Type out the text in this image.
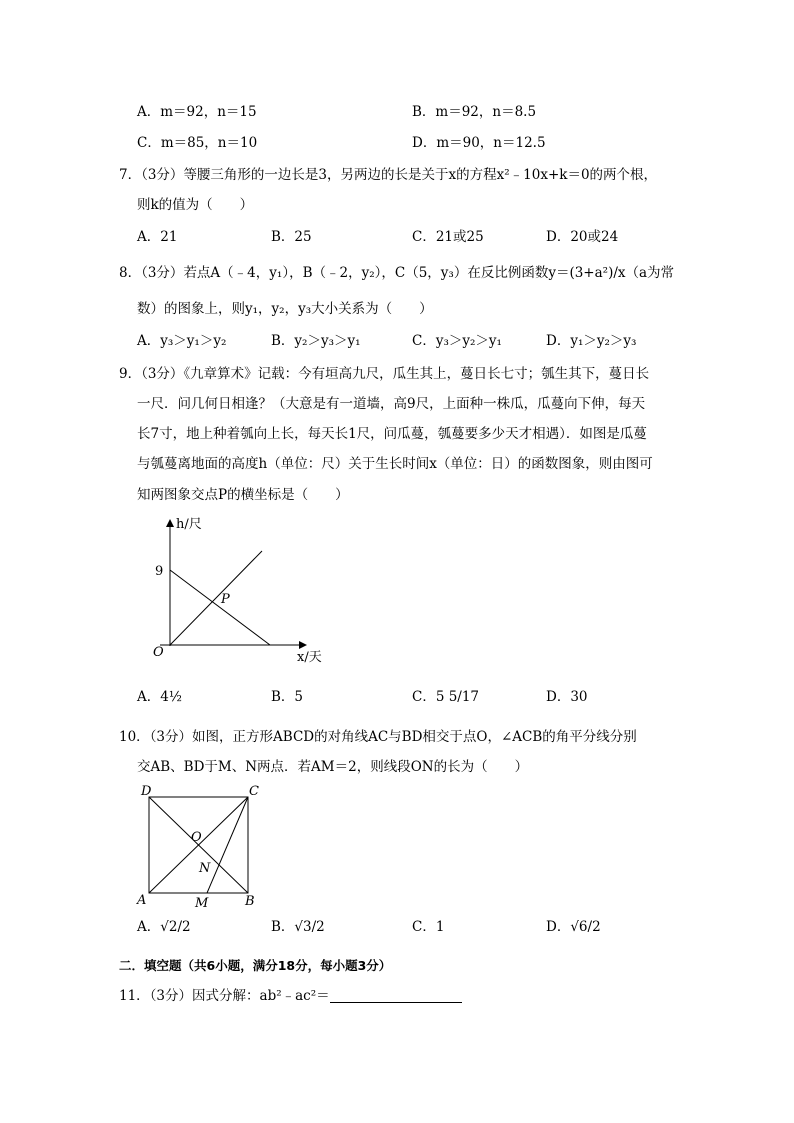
A．m＝92，n＝15	B．m＝92，n＝8.5
C．m＝85，n＝10	D．m＝90，n＝12.5
7．（3分）等腰三角形的一边长是3，另两边的长是关于x的方程x²﹣10x+k＝0的两个根，
则k的值为（　　）
A．21	B．25	C．21或25	D．20或24
8．（3分）若点A（﹣4，y₁），B（﹣2，y₂），C（5，y₃）在反比例函数y＝(3+a²)/x（a为常
数）的图象上，则y₁，y₂，y₃大小关系为（　　）
A．y₃＞y₁＞y₂	B．y₂＞y₃＞y₁	C．y₃＞y₂＞y₁	D．y₁＞y₂＞y₃
9．（3分）《九章算术》记载：今有垣高九尺，瓜生其上，蔓日长七寸；瓠生其下，蔓日长
一尺．问几何日相逢？（大意是有一道墙，高9尺，上面种一株瓜，瓜蔓向下伸，每天
长7寸，地上种着瓠向上长，每天长1尺，问瓜蔓，瓠蔓要多少天才相遇）．如图是瓜蔓
与瓠蔓离地面的高度h（单位：尺）关于生长时间x（单位：日）的函数图象，则由图可
知两图象交点P的横坐标是（　　）
h/尺
x/天
O
9
P
A．4½	B．5	C．5 5/17	D．30
10．（3分）如图，正方形ABCD的对角线AC与BD相交于点O，∠ACB的角平分线分别
交AB、BD于M、N两点．若AM＝2，则线段ON的长为（　　）
D	C
O
N
A	M	B
A．√2/2	B．√3/2	C．1	D．√6/2
二．填空题（共6小题，满分18分，每小题3分）
11．（3分）因式分解：ab²﹣ac²＝
